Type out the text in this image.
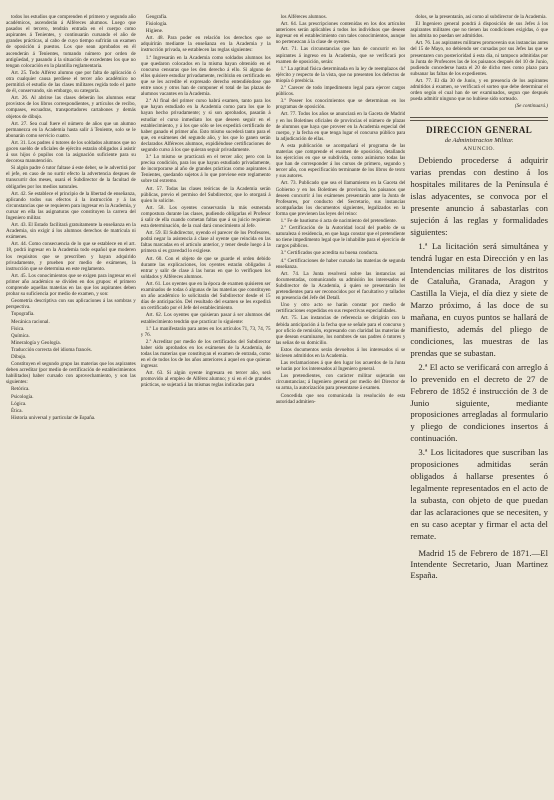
todos los estudios que comprenden el primero y segundo año académicos, ascenderán á Alféreces alumnos. Luego que pasados el tercero, tendrán entrada en el cuerpo como aspirantes á Tenientes, y continuarán cursando el año de grandes prácticas, al cabo de cuyo tiempo sufrirán un examen de oposición á puestos. Los que sean aprobados en él ascenderán á Tenientes, tomando número por orden de antigüedad, y pasando á la situación de excedentes los que no tengan colocación en la plantilla reglamentaria.

Art. 25. Todo Alférez alumno que por falta de aplicación ó otra cualquier causa perdiese el tercer año académico no permitirá el estudio de las clases militares regida todo el parte de él, conservando, sin embargo, su categoría.

Art. 26. Al abrirse las clases deberán los alumnos estar provistos de los libros correspondientes, y artículos de recibo, compases, escuadras, transportadores cartabones y demás objetos de dibujo.

Art. 27. Sea cual fuere el número de años que un alumno permanezca en la Academia hasta salir á Teniente, solo se le abonarán como servicio cuatro.

Art. 31. Los padres ó tutores de los soldados alumnos que no gocen sueldo de oficiales de ejército estarán obligados á asistir á sus hijos ó pupilos con la asignación suficiente para su decorosa manutención.

Si algún padre ó tutor faltase á este deber, se le advertirá por el jefe, en caso de no surtir efecto la advertencia despues de transcurrir dos meses, usará el Subdirector de la facultad de obligarles por los medios naturales.

Art. 42. Se establece el principio de la libertad de enseñanza, aplicando todos sus efectos á la instrucción y á las circunstancias que se requieren para ingresar en la Academia, y cursar en ella las asignaturas que constituyen la carrera del Ingeniero militar.

Art. 43. El Estado facilitará gratuitamente la enseñanza en la Academia, sin exigir á los alumnos derechos de matrícula ni exámenes.

Art. 44. Como consecuencia de lo que se establece en el art. 18, podrá ingresar en la Academia todo español que moderen los requisitos que se prescriben y hayan adquirido privadamente, y prueben por medio de exámenes, la instrucción que se determina en este reglamento.

Art. 45. Los conocimientos que se exigen para ingresar en el primer año académico se dividen en dos grupos: el primero comprende aquellas materias en las que los aspirantes deben probar su suficiencia por medio de examen, y son:

Geometría descriptiva con sus aplicaciones á las sombras y perspectiva.

Topografía.

Mecánica racional.

Física.

Química.

Mineralogía y Geología.

Traducción correcta del idioma francés.

Dibujo.

Constituyen el segundo grupo las materias que los aspirantes deben acreditar (por medio de certificación de establecimientos habilitados) haber cursado con aprovechamiento, y son las siguientes:

Retórica.

Psicología.

Lógica.

Ética.

Historia universal y particular de España.

Geografía.

Fisiología.

Higiene.

Art. 48. Para poder en relación los derechos que se adquirirán mediante la enseñanza en la Academia y la instrucción privada, se establecen las reglas siguientes:

1.ª Ingresarán en la Academia como soldados alumnos los que quedaron colocados en la misma hayan obtenido en el concurso censuras que les den derecho á ello. Si alguno de ellos quisiere estudiar privadamente, recibirán en certificado en que se les acredite el expresado derecho entendiéndose que entre unos y otros han de componer el total de las plazas de alumnos vacantes en la Academia.

2.ª Al final del primer curso habrá examen, tanto para los que hayan estudiado en la Academia como para los que lo hayan hecho privadamente; y si son aprobados, pasarán á estudiar el curso inmediato los que deseen seguir en el establecimiento, y á los que sólo se les expedirá certificado de haber ganado el primer año. Esto mismo sucederá tanto para el que, en exámenes del segundo año, y los que lo ganen serán declarados Alféreces alumnos, expidiéndose certificaciones de segundo curso á los que quieran seguir privadamente.

3.ª Lo mismo se practicará en el tercer año; pero con la precisa condición, para los que hayan estudiado privadamente, de incorporarse al año de grandes prácticas como aspirantes á Tenientes, quedando sujetos á lo que previene este reglamento sobre tal extremo.

Art. 57. Todas las clases teóricas de la Academia serán públicas, previo el permiso del Subdirector, que lo otorgará á quien lo solicite.

Art. 58. Los oyentes conservarán la más esmerada compostura durante las clases, pudiendo obligarlas el Profesor á salir de ella cuando cometan faltas que á su juicio requieran esta determinación, de la cual dará conocimiento al Jefe.

Art. 59. El Subdirector, oyendo el parecer de los Profesores, podrá negar la asistencia á clase al oyente que reincida en las faltas marcadas en el artículo anterior, y tener desde luego á la primera si es gravedad lo exigiese.

Art. 60. Con el objeto de que se guarde el orden debido durante las explicaciones, los oyentes estarán obligados á entrar y salir de clase á las horas en que lo verifiquen los soldados y Alféreces alumnos.

Art. 61. Los oyentes que en la época de examen quisieren ser examinados de todas ó algunas de las materias que constituyen un año académico lo solicitarán del Subdirector desde el 15 días de anticipación. Del resultado del examen se les expedirá un certificado por el Jefe del establecimiento.

Art. 62. Los oyentes que quisieran pasar á ser alumnos del establecimiento tendrán que practicar lo siguiente:

1.º Lo manifestarán para antes en los artículos 71, 73, 74, 75 y 76.

2.º Acreditar por medio de los certificados del Subdirector haber sido aprobados en los exámenes de la Academia, de todas las materias que constituyan el examen de entrada, como en el de todos los de los años anteriores á aquel en que quieran ingresar.

Art. 63. Si algún oyente ingresara en tercer año, será promovido al empleo de Alférez alumno; y si en el de grandes prácticas, se sujetará á las mismas reglas indicadas para

los Alféreces alumnos.

Art. 64. Las prescripciones contenidas en los dos artículos anteriores serán aplicables á todos los individuos que deseen ingresar en el establecimiento con tales conocimientos, aunque no pertenezcan á la clase de oyentes.

Art. 71. Las circunstancias que han de concurrir en los aspirantes á ingreso en la Academia, que se verificará por examen de oposición, serán:

1.º La aptitud física determinada en la ley de reemplazos del ejército y respecto de la vista, que no presenten los defectos de miopía ó presbicia.

2.º Carecer de todo impedimento legal para ejercer cargos públicos.

3.º Poseer los conocimientos que se determinan en los programas de oposición.

Art. 77. Todos los años se anunciará en la Gaceta de Madrid y en los Boletines oficiales de provincias el número de plazas de alumnos que haya que proveer en la Academia especial del cuerpo, y la fecha en que tenga lugar el concurso público para la adjudicación de ellas.

A esta publicación se acompañará el programa de las materias que comprende el examen de oposición, detallando los ejercicios en que se subdivida, como asimismo todas las que han de corresponder á los cursos de primero, segundo y tercer año, con especificación terminante de los libros de texto y sus autores.

Art. 73. Publicado que sea el llamamiento en la Gaceta del Gobierno y en los Boletines de provincia, los paisanos que deseen concurrir á los exámenes presentarán ante la Junta de Profesores, por conducto del Secretario, sus instancias acompañadas los documentos siguientes, legalizados en la forma que previenen las leyes del reino:

1.º Fe de bautismo ó acta de nacimiento del pretendiente.

2.º Certificación de la Autoridad local del pueblo de su naturaleza ó residencia, en que haga constar que el pretendiente no tiene impedimento legal que le inhabilite para el ejercicio de cargos públicos.

3.º Certificados que acredita su buena conducta.

4.º Certificaciones de haber cursado las materias de segunda enseñanza.

Art. 74. La Junta resolverá sobre las instancias así documentadas, comunicando su admisión los interesados el Subdirector de la Academia, á quien se presentarán los pretendientes para ser reconocidos por el facultativo y tallados en presencia del Jefe del Detall.

Uno y otro acto se harán constar por medio de certificaciones expedidas en sus respectivas especialidades.

Art. 75. Las instancias de referencia se dirigirán con la debida anticipación á la fecha que se señale para el concurso y por oficio de remisión, expresando con claridad las materias de que desean examinarse, los nombres de sus padres ó tutores y las señas de su domicilio.

Estos documentos serán devueltos á los interesados si se hiciesen admitidos en la Academia.

Las reclamaciones á que den lugar los acuerdos de la Junta se harán por los interesados al Ingeniero general.

Los pretendientes, con carácter militar sujetarán sus circunstancias; á Ingeniero general por medio del Director de su arma, la autorización para presentarse á examen.

Concedida que sea comunicada la resolución de esta autoridad admitien-

dolos, se la presentarán, así como al subdirector de la Academia.

El Ingeniero general pondrá á disposición de sus Jefes á los aspirantes militares que no tienen las condiciones exigidas, ó que los admita no puedan ser admitidos.

Art. 76. Los aspirantes militares promoverán sus instancias antes del 15 de Mayo, no debiendo ser cursadas por sus Jefes las que se presentaren con posterioridad á esta día, ni tampoco admitidas por la Junta de Profesores las de los paisanos después del 10 de Junio, pudiendo concederse hasta el 20 de dicho mes como plazo para subsanar las faltas de los expedientes.

Art. 77. El día 30 de Junio, y en presencia de los aspirantes admitidos á examen, se verificará el sorteo que debe determinar el orden según el cual han de ser examinados, segun que después pueda admitir ninguno que no hubiese sido sorteado.

(Se continuará.)
DIRECCION GENERAL
de Administracion Militar.
ANUNCIO.

Debiendo procederse á adquirir varias prendas con destino á los hospitales militares de la Península é islas adyacentes, se convoca por el presente anuncio á sabastarlas con sujeción á las reglas y formalidades siguientes:

1.ª La licitación será simultánea y tendrá lugar en esta Dirección y en las Intendencias militares de los distritos de Cataluña, Granada, Aragon y Castilla la Vieja, el día diez y siete de Marzo próximo, á las doce de su mañana, en cuyos puntos se hallará de manifiesto, además del pliego de condiciones, las muestras de las prendas que se subastan.

2.ª El acto se verificará con arreglo á lo prevenido en el decreto de 27 de Febrero de 1852 é instrucción de 3 de Junio siguiente, mediante proposiciones arregladas al formulario y pliego de condiciones insertos á continuación.

3.ª Los licitadores que suscriban las proposiciones admitidas serán obligados á hallarse presentes ó legalmente representados en el acto de la subasta, con objeto de que puedan dar las aclaraciones que se necesiten, y en su caso aceptar y firmar el acta del remate.

Madrid 15 de Febrero de 1871.—El Intendente Secretario, Juan Martinez España.
